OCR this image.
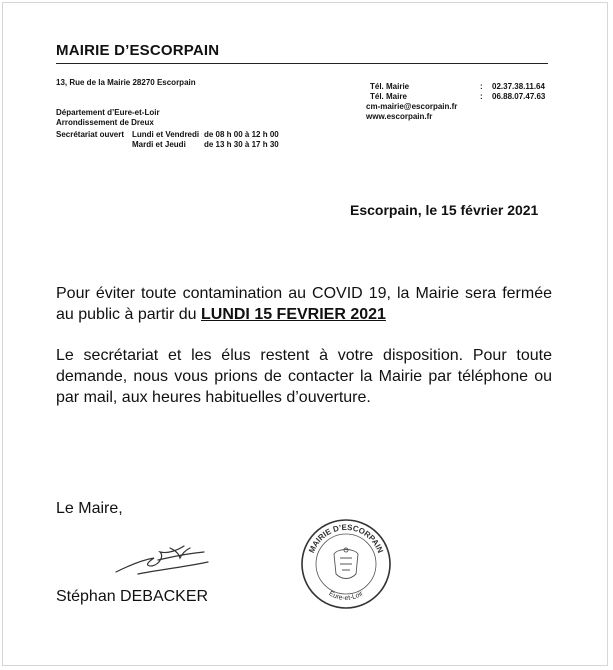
MAIRIE D’ESCORPAIN
13, Rue de la Mairie 28270 Escorpain
Département d’Eure-et-Loir
Arrondissement de Dreux
Secrétariat ouvert Lundi et Vendredi de 08 h 00 à 12 h 00
Mardi et Jeudi de 13 h 30 à 17 h 30
Tél. Mairie	: 02.37.38.11.64
Tél. Maire	: 06.88.07.47.63
cm-mairie@escorpain.fr
www.escorpain.fr
Escorpain, le 15 février 2021
Pour éviter toute contamination au COVID 19, la Mairie sera fermée au public à partir du LUNDI 15 FEVRIER 2021
Le secrétariat et les élus restent à votre disposition. Pour toute demande, nous vous prions de contacter la Mairie par téléphone ou par mail, aux heures habituelles d’ouverture.
Le Maire,
Stéphan DEBACKER
MAIRIE D’ESCORPAIN
Eure-et-Loir
